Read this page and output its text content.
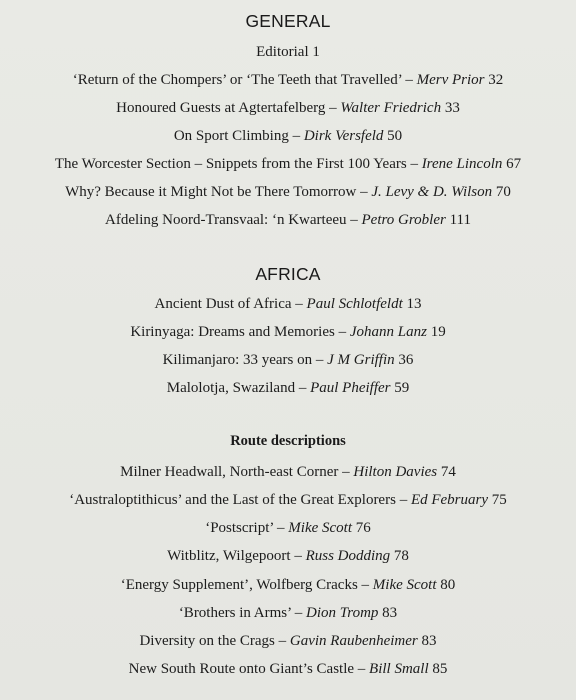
GENERAL
Editorial 1
‘Return of the Chompers’ or ‘The Teeth that Travelled’ – Merv Prior 32
Honoured Guests at Agtertafelberg – Walter Friedrich 33
On Sport Climbing – Dirk Versfeld 50
The Worcester Section – Snippets from the First 100 Years – Irene Lincoln 67
Why? Because it Might Not be There Tomorrow – J. Levy & D. Wilson 70
Afdeling Noord-Transvaal: ‘n Kwarteeu – Petro Grobler 111
AFRICA
Ancient Dust of Africa – Paul Schlotfeldt 13
Kirinyaga: Dreams and Memories – Johann Lanz 19
Kilimanjaro: 33 years on – J M Griffin 36
Malolotja, Swaziland – Paul Pheiffer 59
Route descriptions
Milner Headwall, North-east Corner – Hilton Davies 74
‘Australoptithicus’ and the Last of the Great Explorers – Ed February 75
‘Postscript’ – Mike Scott 76
Witblitz, Wilgepoort – Russ Dodding 78
‘Energy Supplement’, Wolfberg Cracks – Mike Scott 80
‘Brothers in Arms’ – Dion Tromp 83
Diversity on the Crags – Gavin Raubenheimer 83
New South Route onto Giant’s Castle – Bill Small 85
